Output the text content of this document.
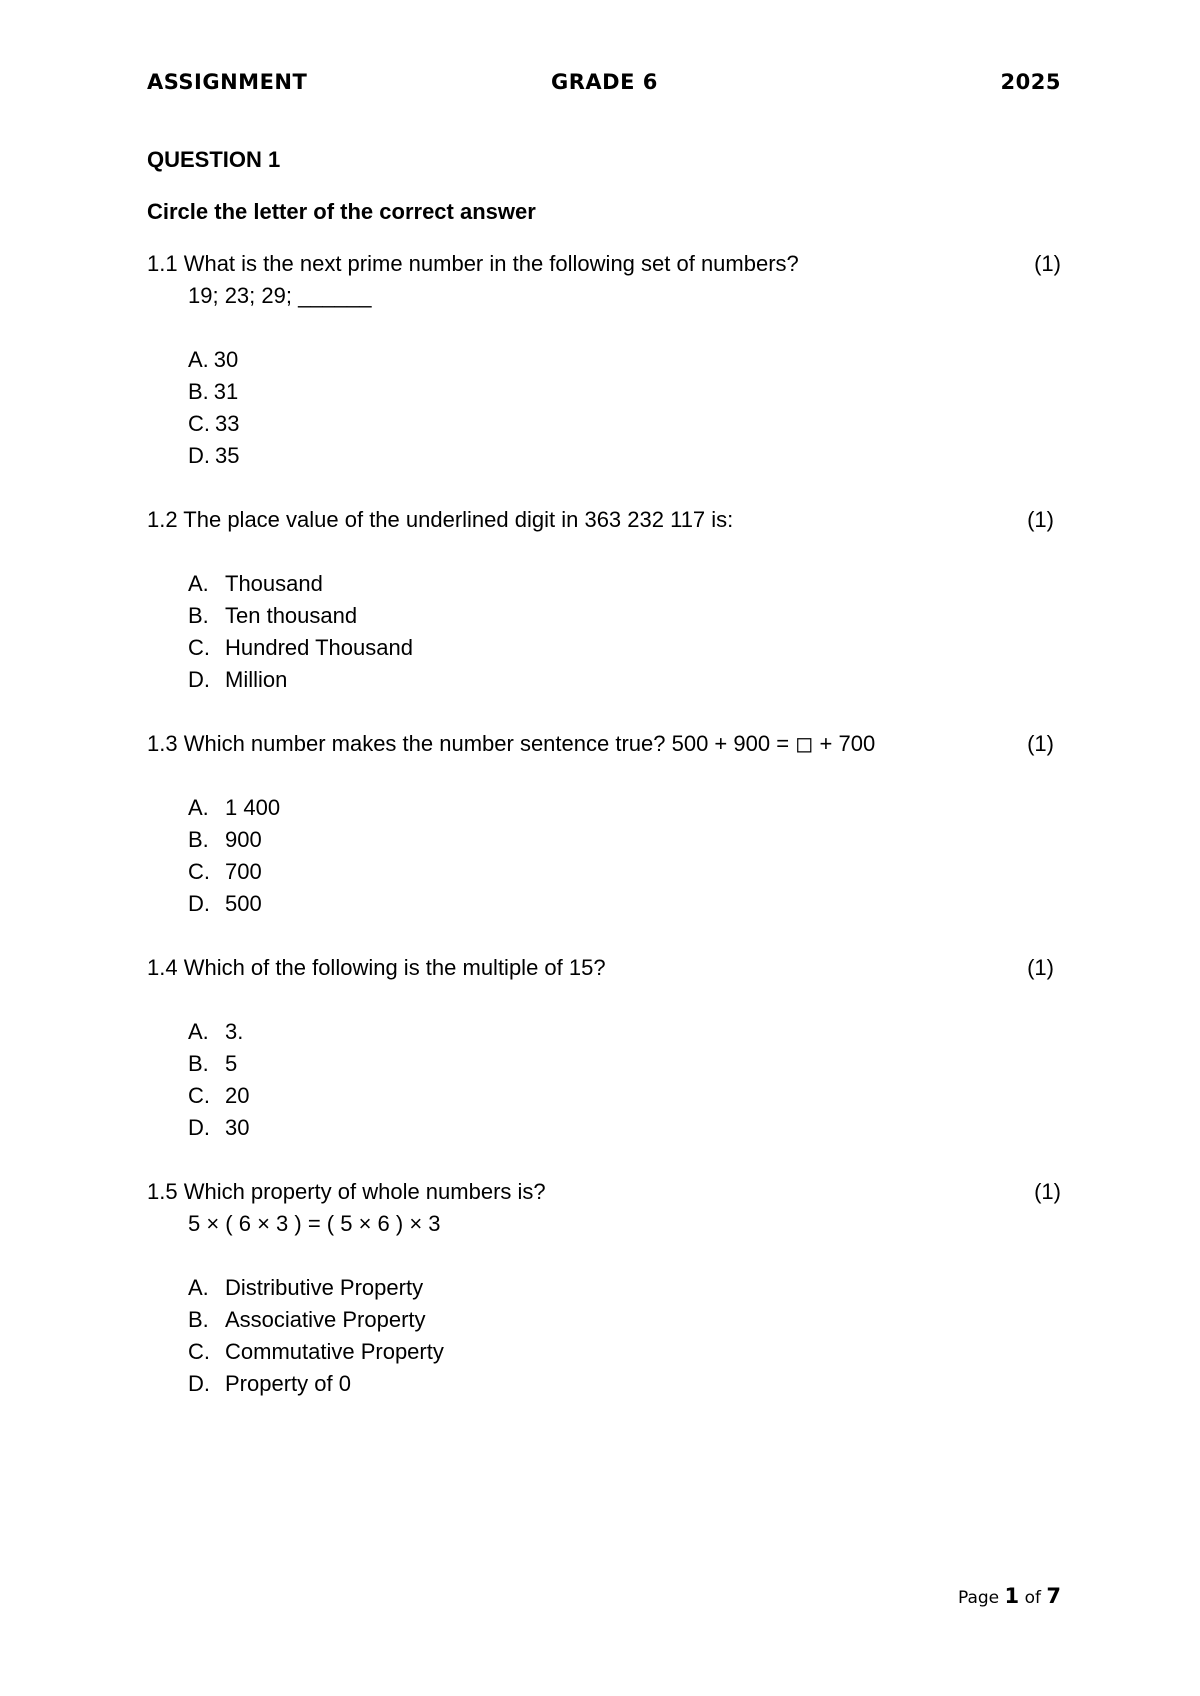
ASSIGNMENT	GRADE 6	2025
QUESTION 1
Circle the letter of the correct answer
1.1 What is the next prime number in the following set of numbers?	(1)
19; 23; 29; ______
A. 30
B. 31
C. 33
D. 35
1.2 The place value of the underlined digit in 363 232 117 is:	(1)
A. Thousand
B. Ten thousand
C. Hundred Thousand
D. Million
1.3 Which number makes the number sentence true? 500 + 900 = ◻ + 700	(1)
A. 1 400
B. 900
C. 700
D. 500
1.4 Which of the following is the multiple of 15?	(1)
A. 3.
B. 5
C. 20
D. 30
1.5 Which property of whole numbers is?	(1)
5 × ( 6 × 3 ) = ( 5 × 6 ) × 3
A. Distributive Property
B. Associative Property
C. Commutative Property
D. Property of 0
Page 1 of 7
